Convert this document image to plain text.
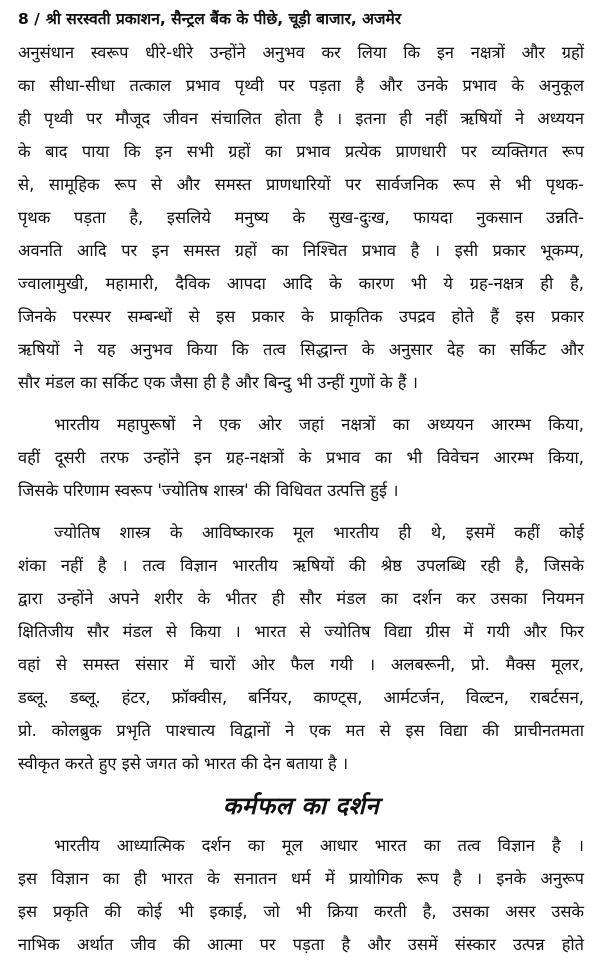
8 / श्री सरस्वती प्रकाशन, सैन्ट्रल बैंक के पीछे, चूड़ी बाजार, अजमेर
अनुसंधान स्वरूप धीरे-धीरे उन्होंने अनुभव कर लिया कि इन नक्षत्रों और ग्रहों
का सीधा-सीधा तत्काल प्रभाव पृथ्वी पर पड़ता है और उनके प्रभाव के अनुकूल
ही पृथ्वी पर मौजूद जीवन संचालित होता है । इतना ही नहीं ऋषियों ने अध्ययन
के बाद पाया कि इन सभी ग्रहों का प्रभाव प्रत्येक प्राणधारी पर व्यक्तिगत रूप
से, सामूहिक रूप से और समस्त प्राणधारियों पर सार्वजनिक रूप से भी पृथक-
पृथक पड़ता है, इसलिये मनुष्य के सुख-दुःख, फायदा नुकसान उन्नति-
अवनति आदि पर इन समस्त ग्रहों का निश्चित प्रभाव है । इसी प्रकार भूकम्प,
ज्वालामुखी, महामारी, दैविक आपदा आदि के कारण भी ये ग्रह-नक्षत्र ही है,
जिनके परस्पर सम्बन्धों से इस प्रकार के प्राकृतिक उपद्रव होते हैं इस प्रकार
ऋषियों ने यह अनुभव किया कि तत्व सिद्धान्त के अनुसार देह का सर्किट और
सौर मंडल का सर्किट एक जैसा ही है और बिन्दु भी उन्हीं गुणों के हैं ।
भारतीय महापुरूषों ने एक ओर जहां नक्षत्रों का अध्ययन आरम्भ किया,
वहीं दूसरी तरफ उन्होंने इन ग्रह-नक्षत्रों के प्रभाव का भी विवेचन आरम्भ किया,
जिसके परिणाम स्वरूप 'ज्योतिष शास्त्र' की विधिवत उत्पत्ति हुई ।
ज्योतिष शास्त्र के आविष्कारक मूल भारतीय ही थे, इसमें कहीं कोई
शंका नहीं है । तत्व विज्ञान भारतीय ऋषियों की श्रेष्ठ उपलब्धि रही है, जिसके
द्वारा उन्होंने अपने शरीर के भीतर ही सौर मंडल का दर्शन कर उसका नियमन
क्षितिजीय सौर मंडल से किया । भारत से ज्योतिष विद्या ग्रीस में गयी और फिर
वहां से समस्त संसार में चारों ओर फैल गयी । अलबरूनी, प्रो. मैक्स मूलर,
डब्लू. डब्लू. हंटर, फ्रॉक्वीस, बर्नियर, काण्ट्स, आर्मटर्जन, विल्र्टन, राबर्टसन,
प्रो. कोलब्रुक प्रभृति पाश्चात्य विद्वानों ने एक मत से इस विद्या की प्राचीनतमता
स्वीकृत करते हुए इसे जगत को भारत की देन बताया है ।
कर्मफल का दर्शन
भारतीय आध्यात्मिक दर्शन का मूल आधार भारत का तत्व विज्ञान है ।
इस विज्ञान का ही भारत के सनातन धर्म में प्रायोगिक रूप है । इनके अनुरूप
इस प्रकृति की कोई भी इकाई, जो भी क्रिया करती है, उसका असर उसके
नाभिक अर्थात जीव की आत्मा पर पड़ता है और उसमें संस्कार उत्पन्न होते
